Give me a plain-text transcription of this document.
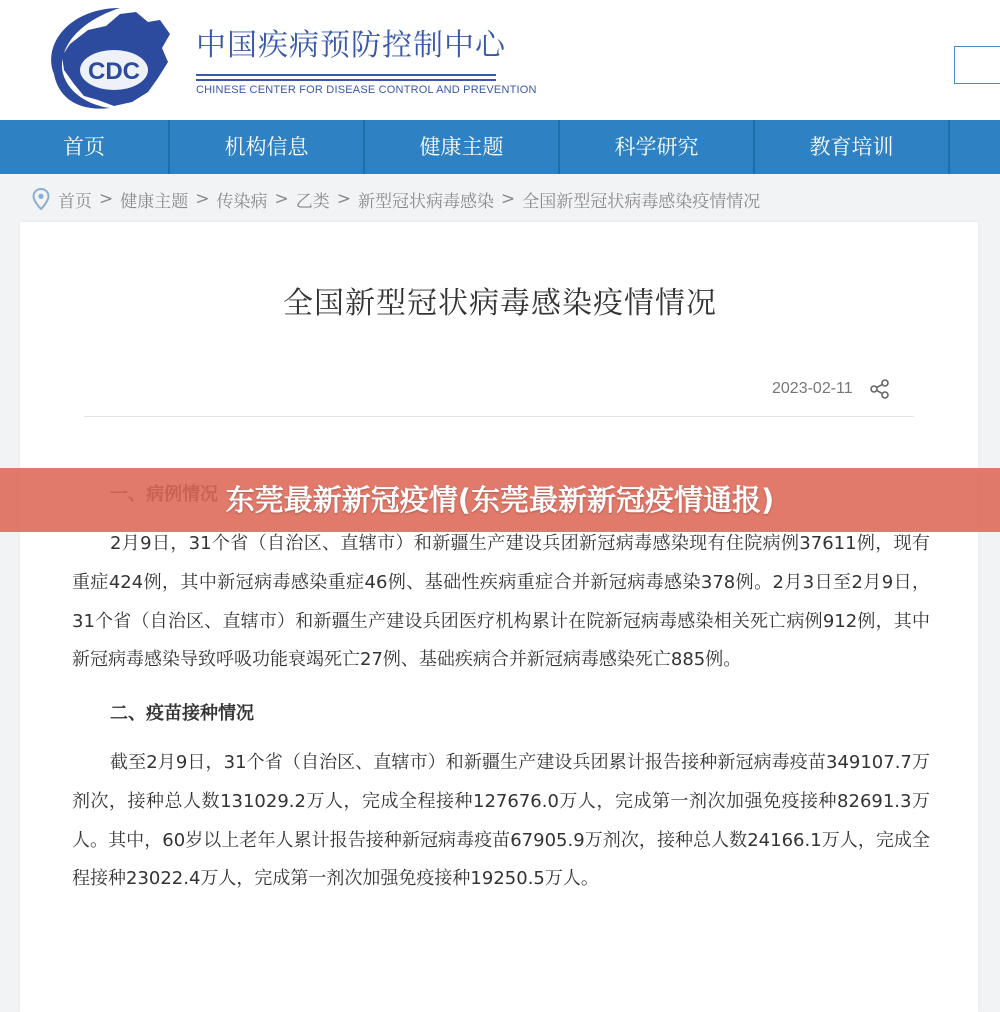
CDC
中国疾病预防控制中心
CHINESE CENTER FOR DISEASE CONTROL AND PREVENTION
首页	机构信息	健康主题	科学研究	教育培训
首页 > 健康主题 > 传染病 > 乙类 > 新型冠状病毒感染 > 全国新型冠状病毒感染疫情情况
全国新型冠状病毒感染疫情情况
2023-02-11
2月9日，31个省（自治区、直辖市）和新疆生产建设兵团新冠病毒感染现有住院病例37611例，现有重症424例，其中新冠病毒感染重症46例、基础性疾病重症合并新冠病毒感染378例。2月3日至2月9日，31个省（自治区、直辖市）和新疆生产建设兵团医疗机构累计在院新冠病毒感染相关死亡病例912例，其中新冠病毒感染导致呼吸功能衰竭死亡27例、基础疾病合并新冠病毒感染死亡885例。
二、疫苗接种情况
截至2月9日，31个省（自治区、直辖市）和新疆生产建设兵团累计报告接种新冠病毒疫苗349107.7万剂次，接种总人数131029.2万人，完成全程接种127676.0万人，完成第一剂次加强免疫接种82691.3万人。其中，60岁以上老年人累计报告接种新冠病毒疫苗67905.9万剂次，接种总人数24166.1万人，完成全程接种23022.4万人，完成第一剂次加强免疫接种19250.5万人。
东莞最新新冠疫情(东莞最新新冠疫情通报)
